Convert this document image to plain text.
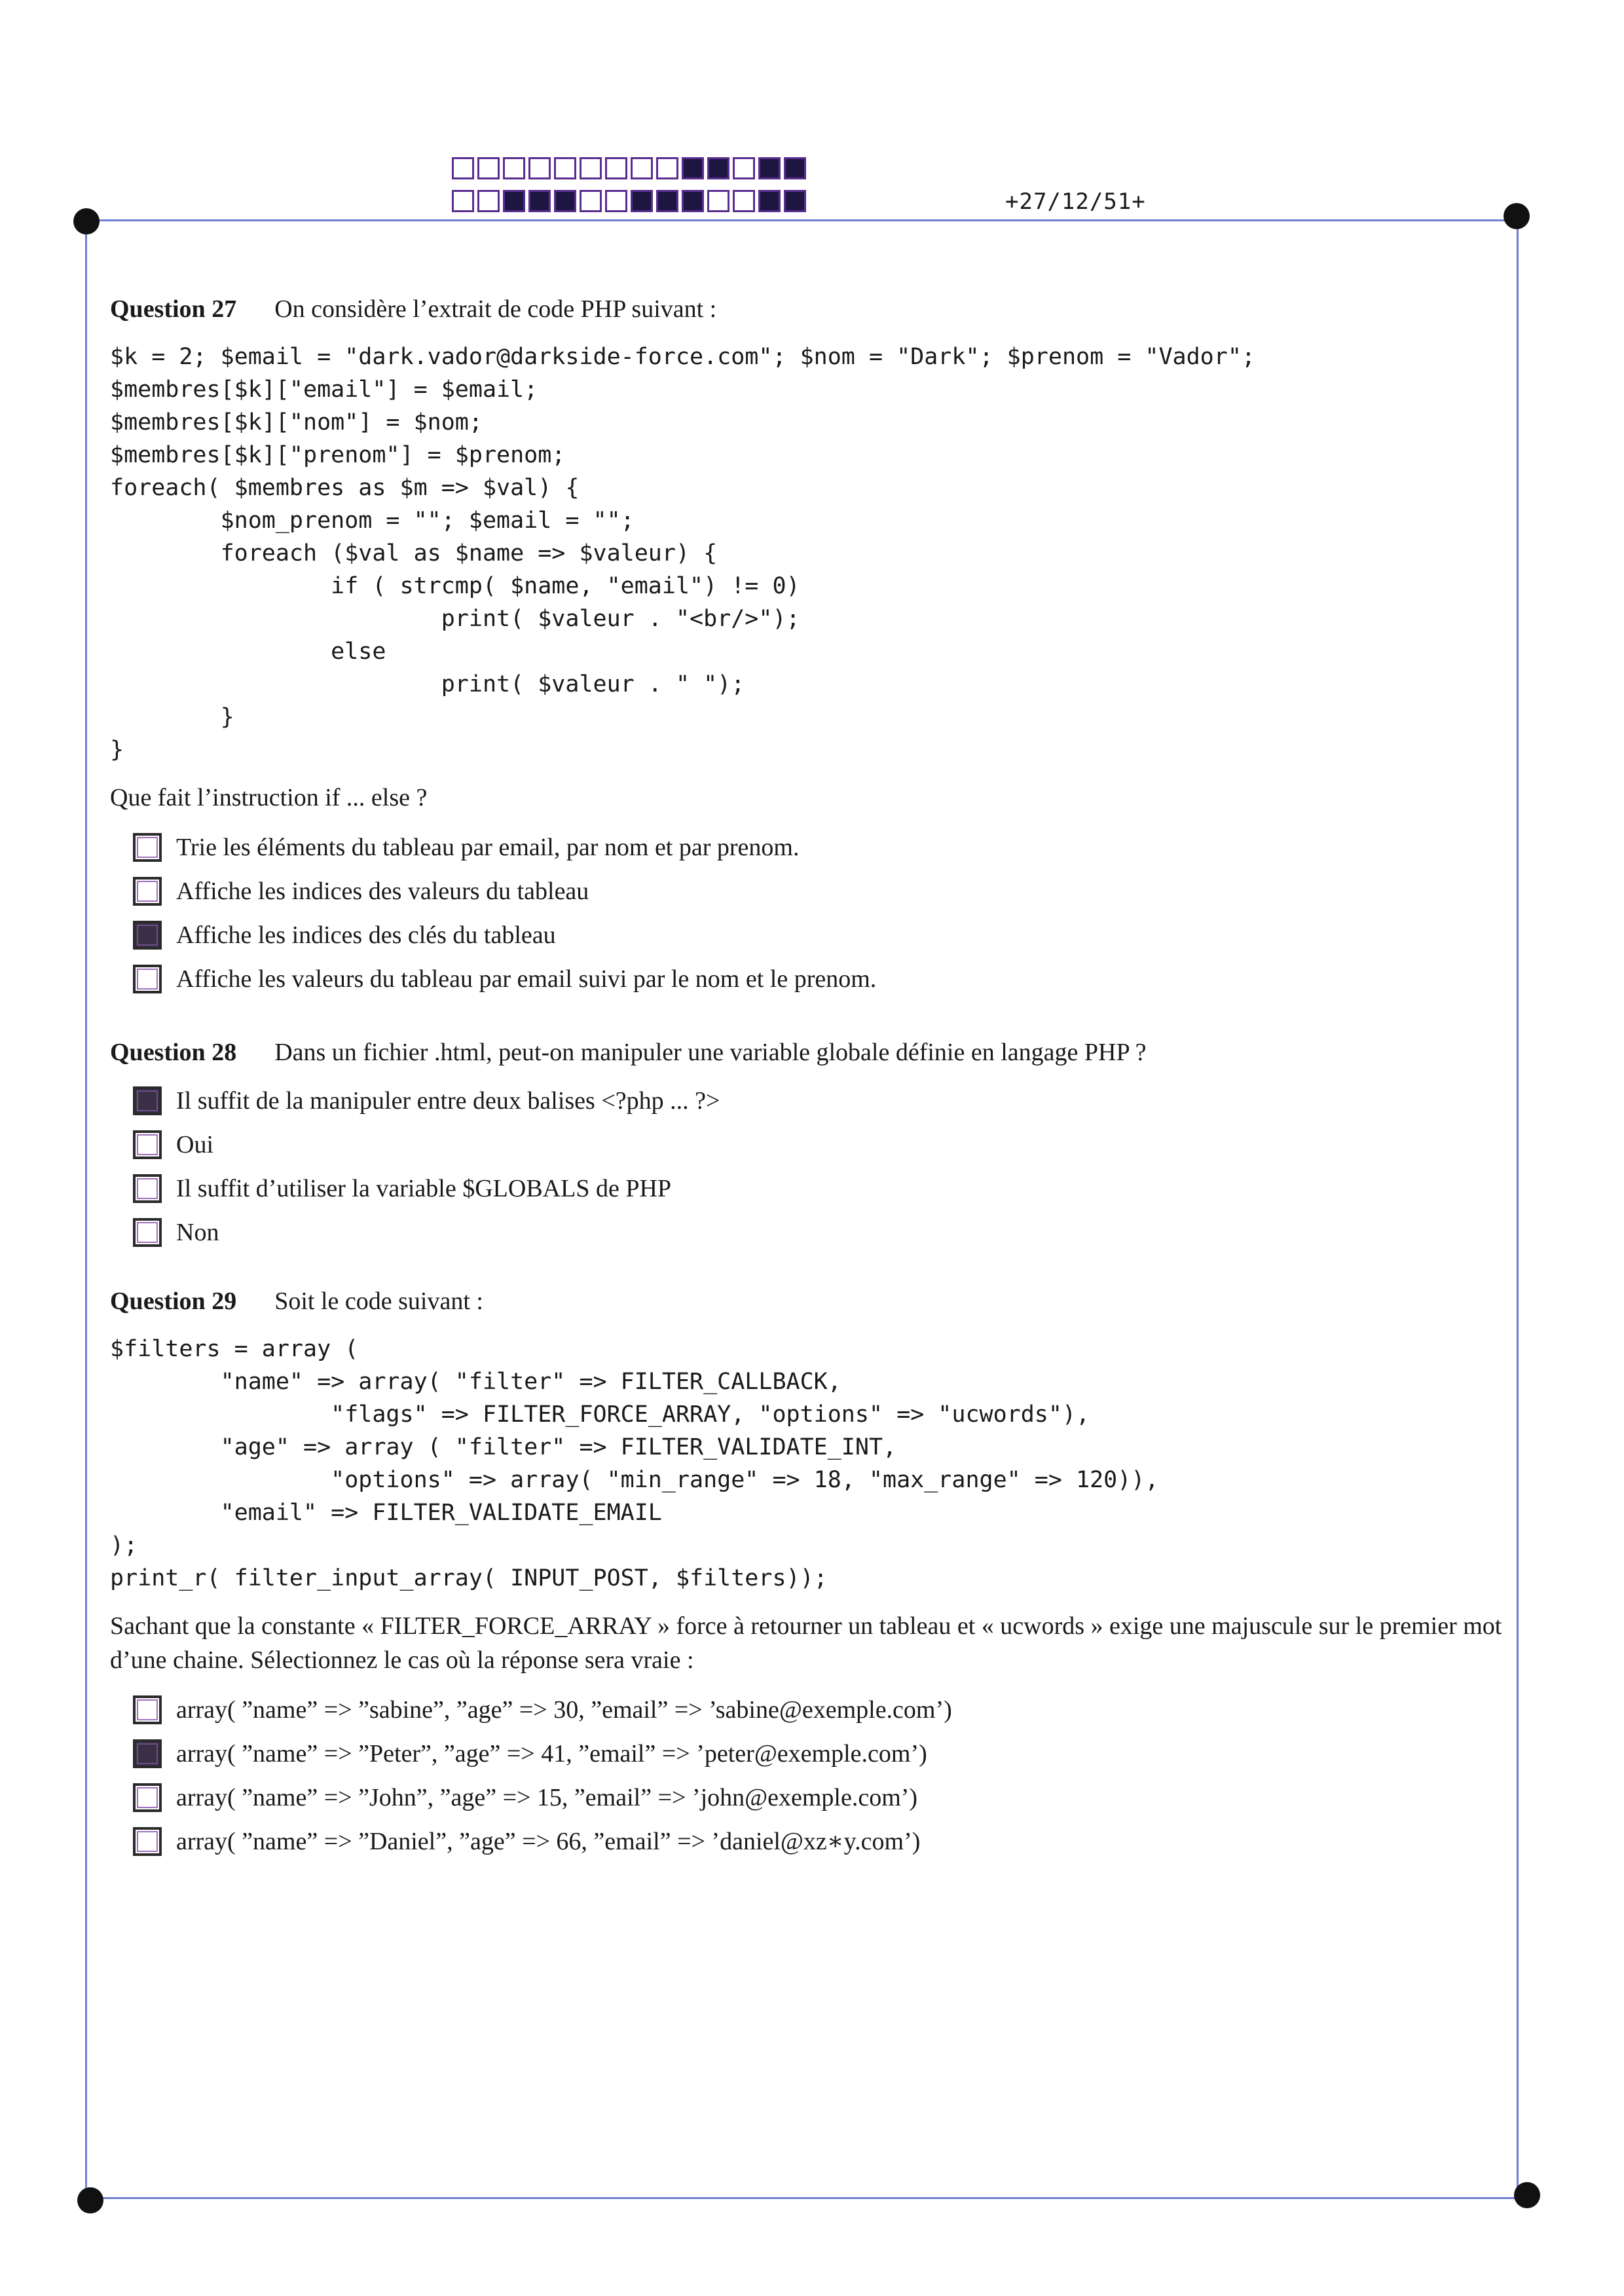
+27/12/51+
Question 27 On considère l’extrait de code PHP suivant :
$k = 2; $email = "dark.vador@darkside-force.com"; $nom = "Dark"; $prenom = "Vador";
$membres[$k]["email"] = $email;
$membres[$k]["nom"] = $nom;
$membres[$k]["prenom"] = $prenom;
foreach( $membres as $m => $val) {
$nom_prenom = ""; $email = "";
foreach ($val as $name => $valeur) {
if ( strcmp( $name, "email") != 0)
print( $valeur . "<br/>");
else
print( $valeur . " ");
}
}
Que fait l’instruction if ... else ?
Trie les éléments du tableau par email, par nom et par prenom.
Affiche les indices des valeurs du tableau
Affiche les indices des clés du tableau
Affiche les valeurs du tableau par email suivi par le nom et le prenom.
Question 28 Dans un fichier .html, peut-on manipuler une variable globale définie en langage PHP ?
Il suffit de la manipuler entre deux balises <?php ... ?>
Oui
Il suffit d’utiliser la variable $GLOBALS de PHP
Non
Question 29 Soit le code suivant :
$filters = array (
"name" => array( "filter" => FILTER_CALLBACK,
"flags" => FILTER_FORCE_ARRAY, "options" => "ucwords"),
"age" => array ( "filter" => FILTER_VALIDATE_INT,
"options" => array( "min_range" => 18, "max_range" => 120)),
"email" => FILTER_VALIDATE_EMAIL
);
print_r( filter_input_array( INPUT_POST, $filters));
Sachant que la constante « FILTER_FORCE_ARRAY » force à retourner un tableau et « ucwords » exige une majuscule sur le premier mot d’une chaine. Sélectionnez le cas où la réponse sera vraie :
array( ”name” => ”sabine”, ”age” => 30, ”email” => ’sabine@exemple.com’)
array( ”name” => ”Peter”, ”age” => 41, ”email” => ’peter@exemple.com’)
array( ”name” => ”John”, ”age” => 15, ”email” => ’john@exemple.com’)
array( ”name” => ”Daniel”, ”age” => 66, ”email” => ’daniel@xz∗y.com’)
